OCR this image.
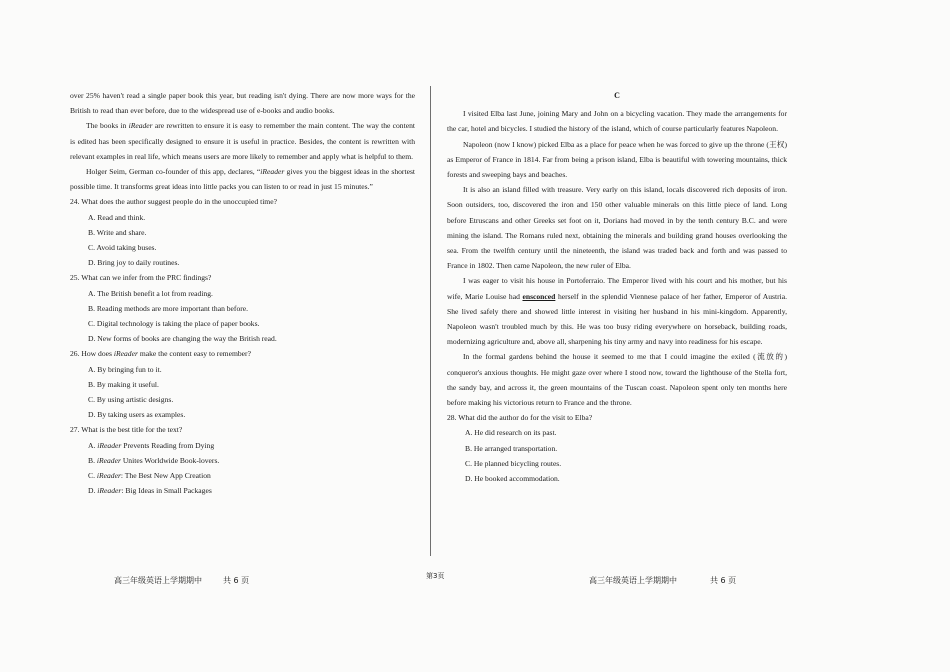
over 25% haven't read a single paper book this year, but reading isn't dying. There are now more ways for the British to read than ever before, due to the widespread use of e-books and audio books.

The books in iReader are rewritten to ensure it is easy to remember the main content. The way the content is edited has been specifically designed to ensure it is useful in practice. Besides, the content is rewritten with relevant examples in real life, which means users are more likely to remember and apply what is helpful to them.

Holger Seim, German co-founder of this app, declares, “iReader gives you the biggest ideas in the shortest possible time. It transforms great ideas into little packs you can listen to or read in just 15 minutes.”

24. What does the author suggest people do in the unoccupied time?

A. Read and think.

B. Write and share.

C. Avoid taking buses.

D. Bring joy to daily routines.

25. What can we infer from the PRC findings?

A. The British benefit a lot from reading.

B. Reading methods are more important than before.

C. Digital technology is taking the place of paper books.

D. New forms of books are changing the way the British read.

26. How does iReader make the content easy to remember?

A. By bringing fun to it.

B. By making it useful.

C. By using artistic designs.

D. By taking users as examples.

27. What is the best title for the text?

A. iReader Prevents Reading from Dying

B. iReader Unites Worldwide Book-lovers.

C. iReader: The Best New App Creation

D. iReader: Big Ideas in Small Packages

C

I visited Elba last June, joining Mary and John on a bicycling vacation. They made the arrangements for the car, hotel and bicycles. I studied the history of the island, which of course particularly features Napoleon.

Napoleon (now I know) picked Elba as a place for peace when he was forced to give up the throne (王权) as Emperor of France in 1814. Far from being a prison island, Elba is beautiful with towering mountains, thick forests and sweeping bays and beaches.

It is also an island filled with treasure. Very early on this island, locals discovered rich deposits of iron. Soon outsiders, too, discovered the iron and 150 other valuable minerals on this little piece of land. Long before Etruscans and other Greeks set foot on it, Dorians had moved in by the tenth century B.C. and were mining the island. The Romans ruled next, obtaining the minerals and building grand houses overlooking the sea. From the twelfth century until the nineteenth, the island was traded back and forth and was passed to France in 1802. Then came Napoleon, the new ruler of Elba.

I was eager to visit his house in Portoferraio. The Emperor lived with his court and his mother, but his wife, Marie Louise had ensconced herself in the splendid Viennese palace of her father, Emperor of Austria. She lived safely there and showed little interest in visiting her husband in his mini-kingdom. Apparently, Napoleon wasn't troubled much by this. He was too busy riding everywhere on horseback, building roads, modernizing agriculture and, above all, sharpening his tiny army and navy into readiness for his escape.

In the formal gardens behind the house it seemed to me that I could imagine the exiled (流放的) conqueror's anxious thoughts. He might gaze over where I stood now, toward the lighthouse of the Stella fort, the sandy bay, and across it, the green mountains of the Tuscan coast. Napoleon spent only ten months here before making his victorious return to France and the throne.

28. What did the author do for the visit to Elba?

A. He did research on its past.

B. He arranged transportation.

C. He planned bicycling routes.

D. He booked accommodation.

高三年级英语上学期期中	共 6 页	第3页	高三年级英语上学期期中	共 6 页
